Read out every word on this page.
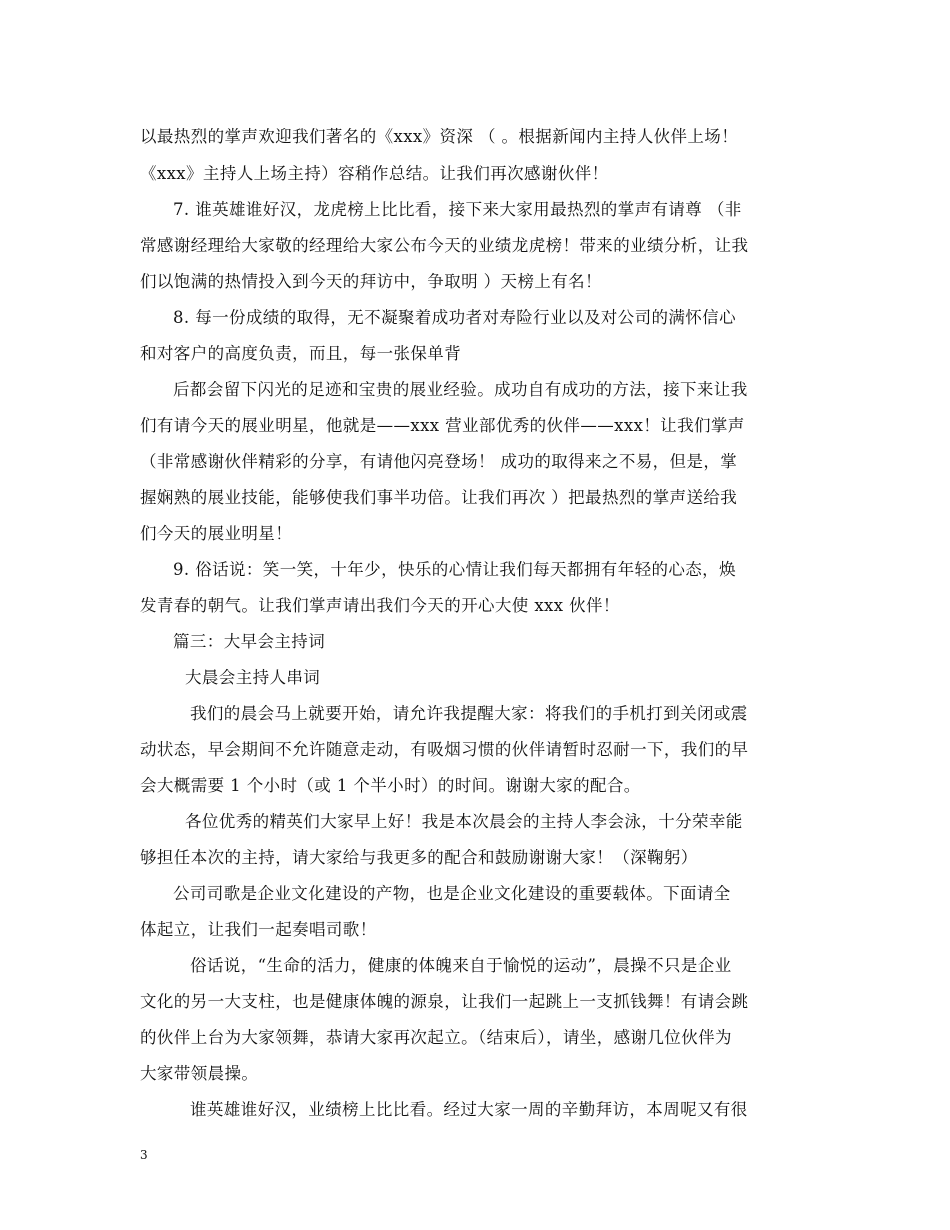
以最热烈的掌声欢迎我们著名的《xxx》资深 （ 。根据新闻内主持人伙伴上场！
《xxx》主持人上场主持）容稍作总结。让我们再次感谢伙伴！
7. 谁英雄谁好汉，龙虎榜上比比看，接下来大家用最热烈的掌声有请尊 （非
常感谢经理给大家敬的经理给大家公布今天的业绩龙虎榜！带来的业绩分析，让我
们以饱满的热情投入到今天的拜访中，争取明 ）天榜上有名！
8. 每一份成绩的取得，无不凝聚着成功者对寿险行业以及对公司的满怀信心
和对客户的高度负责，而且，每一张保单背
后都会留下闪光的足迹和宝贵的展业经验。成功自有成功的方法，接下来让我
们有请今天的展业明星，他就是——xxx 营业部优秀的伙伴——xxx！让我们掌声
（非常感谢伙伴精彩的分享，有请他闪亮登场！ 成功的取得来之不易，但是，掌
握娴熟的展业技能，能够使我们事半功倍。让我们再次 ）把最热烈的掌声送给我
们今天的展业明星！
9. 俗话说：笑一笑，十年少，快乐的心情让我们每天都拥有年轻的心态，焕
发青春的朝气。让我们掌声请出我们今天的开心大使 xxx 伙伴！
篇三：大早会主持词
大晨会主持人串词
我们的晨会马上就要开始，请允许我提醒大家：将我们的手机打到关闭或震
动状态，早会期间不允许随意走动，有吸烟习惯的伙伴请暂时忍耐一下，我们的早
会大概需要 1 个小时（或 1 个半小时）的时间。谢谢大家的配合。
各位优秀的精英们大家早上好！我是本次晨会的主持人李会泳，十分荣幸能
够担任本次的主持，请大家给与我更多的配合和鼓励谢谢大家！（深鞠躬）
公司司歌是企业文化建设的产物，也是企业文化建设的重要载体。下面请全
体起立，让我们一起奏唱司歌！
俗话说，“生命的活力，健康的体魄来自于愉悦的运动”，晨操不只是企业
文化的另一大支柱，也是健康体魄的源泉，让我们一起跳上一支抓钱舞！有请会跳
的伙伴上台为大家领舞，恭请大家再次起立。（结束后），请坐，感谢几位伙伴为
大家带领晨操。
谁英雄谁好汉，业绩榜上比比看。经过大家一周的辛勤拜访，本周呢又有很
3
